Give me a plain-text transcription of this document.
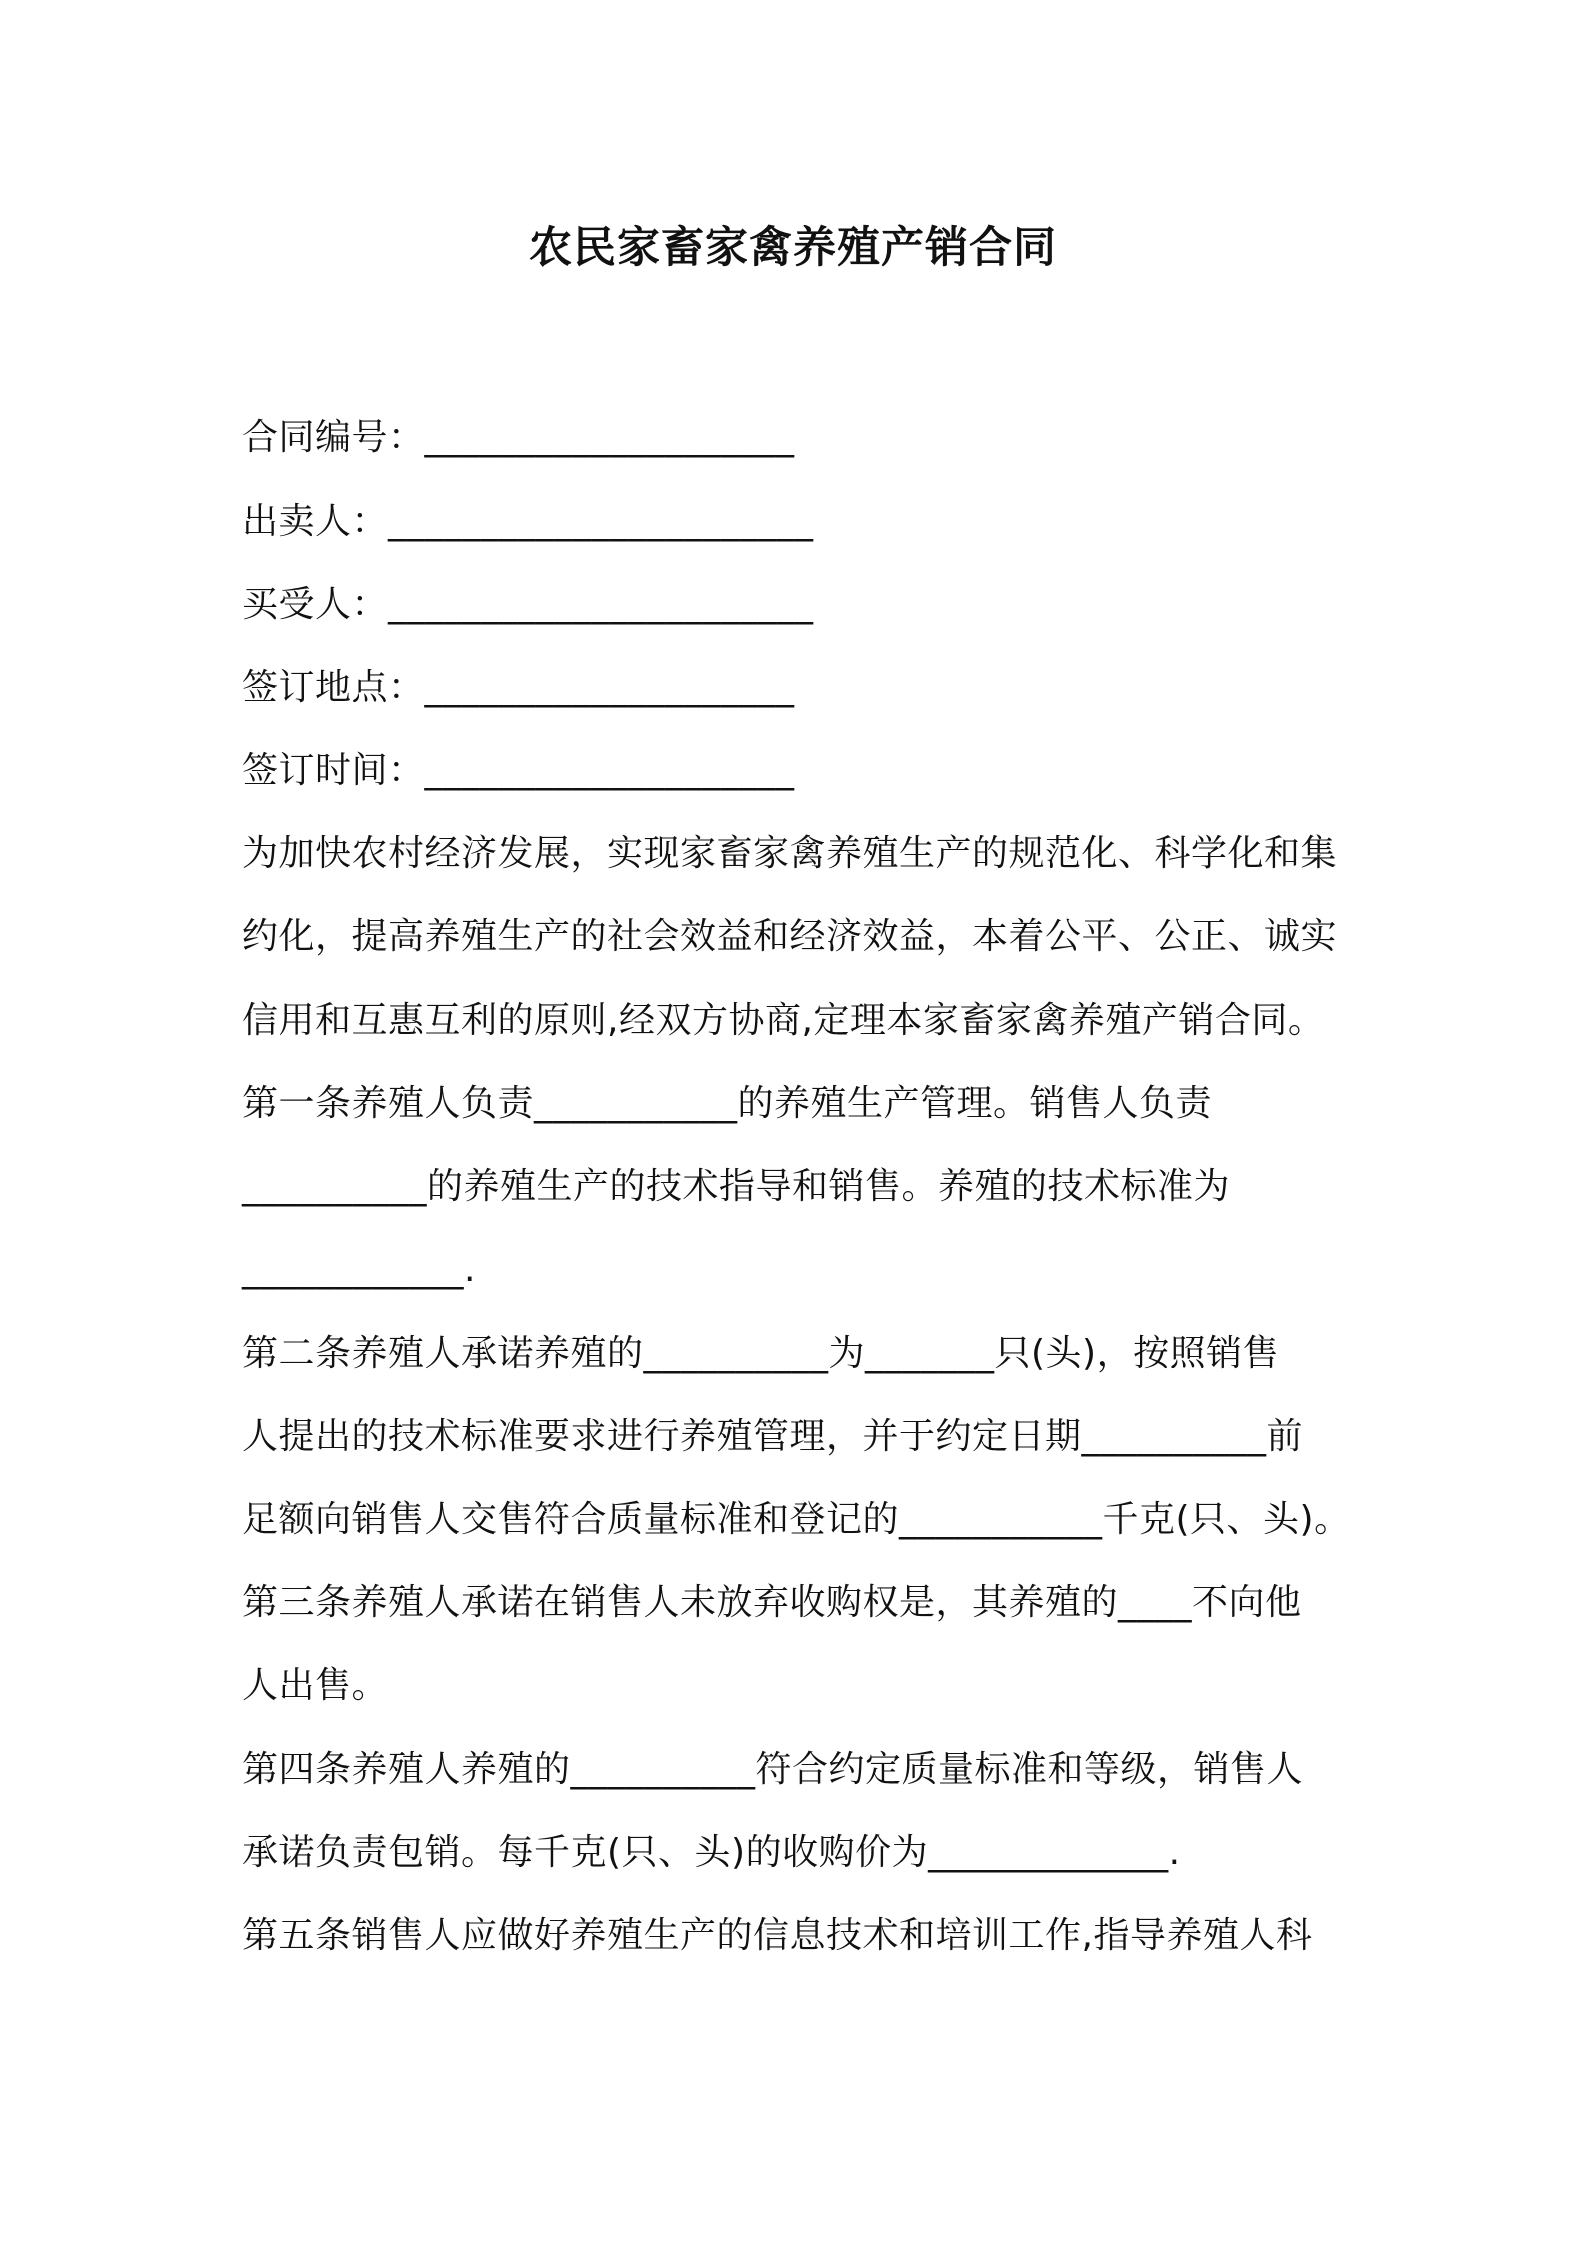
农民家畜家禽养殖产销合同
合同编号：____________________
出卖人：_______________________
买受人：_______________________
签订地点：____________________
签订时间：____________________
为加快农村经济发展，实现家畜家禽养殖生产的规范化、科学化和集
约化，提高养殖生产的社会效益和经济效益，本着公平、公正、诚实
信用和互惠互利的原则,经双方协商,定理本家畜家禽养殖产销合同。
第一条养殖人负责___________的养殖生产管理。销售人负责
__________的养殖生产的技术指导和销售。养殖的技术标准为
____________.
第二条养殖人承诺养殖的__________为_______只(头)，按照销售
人提出的技术标准要求进行养殖管理，并于约定日期__________前
足额向销售人交售符合质量标准和登记的___________千克(只、头)。
第三条养殖人承诺在销售人未放弃收购权是，其养殖的____不向他
人出售。
第四条养殖人养殖的__________符合约定质量标准和等级，销售人
承诺负责包销。每千克(只、头)的收购价为_____________.
第五条销售人应做好养殖生产的信息技术和培训工作,指导养殖人科
